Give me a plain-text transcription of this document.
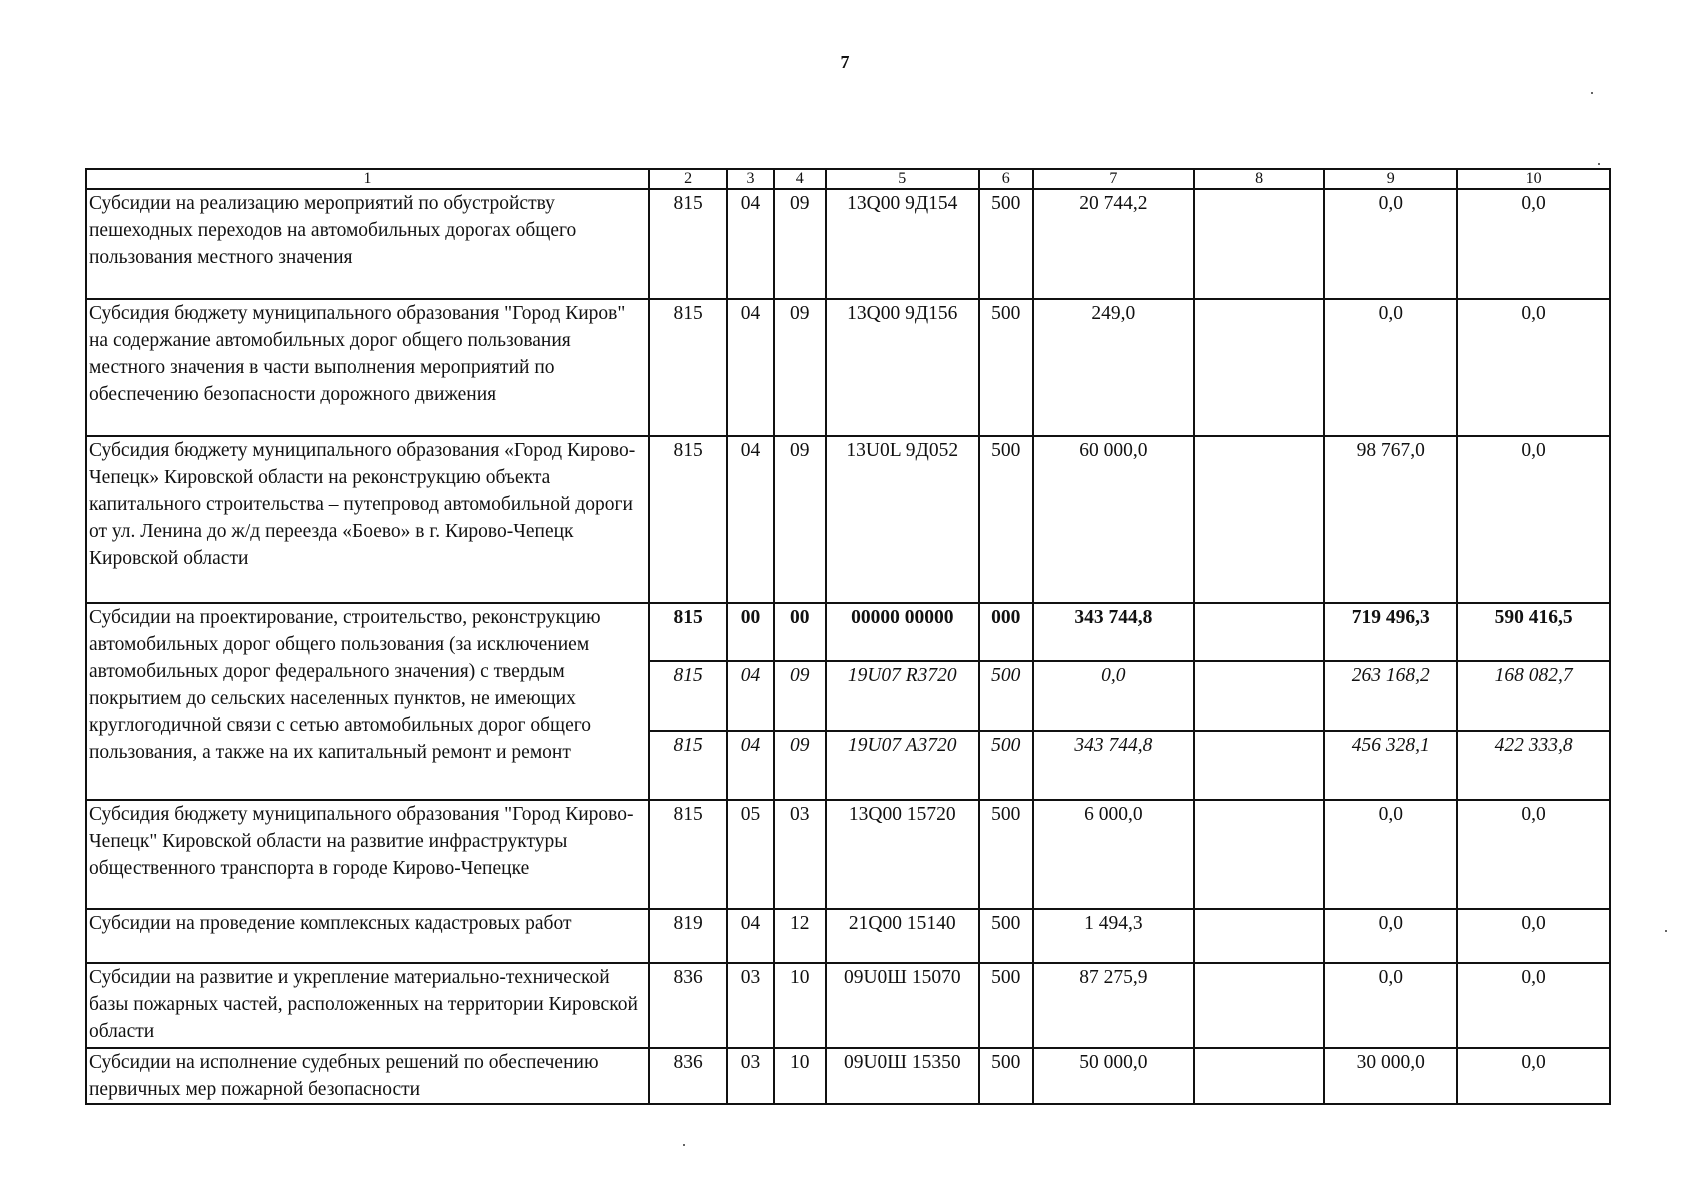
7
1	2	3	4	5	6	7	8	9	10
Субсидии на реализацию мероприятий по обустройству пешеходных переходов на автомобильных дорогах общего пользования местного значения	815	04	09	13Q00 9Д154	500	20 744,2		0,0	0,0
Субсидия бюджету муниципального образования "Город Киров" на содержание автомобильных дорог общего пользования местного значения в части выполнения мероприятий по обеспечению безопасности дорожного движения	815	04	09	13Q00 9Д156	500	249,0		0,0	0,0
Субсидия бюджету муниципального образования «Город Кирово-Чепецк» Кировской области на реконструкцию объекта капитального строительства – путепровод автомобильной дороги от ул. Ленина до ж/д переезда «Боево» в г. Кирово-Чепецк Кировской области	815	04	09	13U0L 9Д052	500	60 000,0		98 767,0	0,0
Субсидии на проектирование, строительство, реконструкцию автомобильных дорог общего пользования (за исключением автомобильных дорог федерального значения) с твердым покрытием до сельских населенных пунктов, не имеющих круглогодичной связи с сетью автомобильных дорог общего пользования, а также на их капитальный ремонт и ремонт	815	00	00	00000 00000	000	343 744,8		719 496,3	590 416,5
	815	04	09	19U07 R3720	500	0,0		263 168,2	168 082,7
	815	04	09	19U07 A3720	500	343 744,8		456 328,1	422 333,8
Субсидия бюджету муниципального образования "Город Кирово-Чепецк" Кировской области на развитие инфраструктуры общественного транспорта в городе Кирово-Чепецке	815	05	03	13Q00 15720	500	6 000,0		0,0	0,0
Субсидии на проведение комплексных кадастровых работ	819	04	12	21Q00 15140	500	1 494,3		0,0	0,0
Субсидии на развитие и укрепление материально-технической базы пожарных частей, расположенных на территории Кировской области	836	03	10	09U0Ш 15070	500	87 275,9		0,0	0,0
Субсидии на исполнение судебных решений по обеспечению первичных мер пожарной безопасности	836	03	10	09U0Ш 15350	500	50 000,0		30 000,0	0,0
